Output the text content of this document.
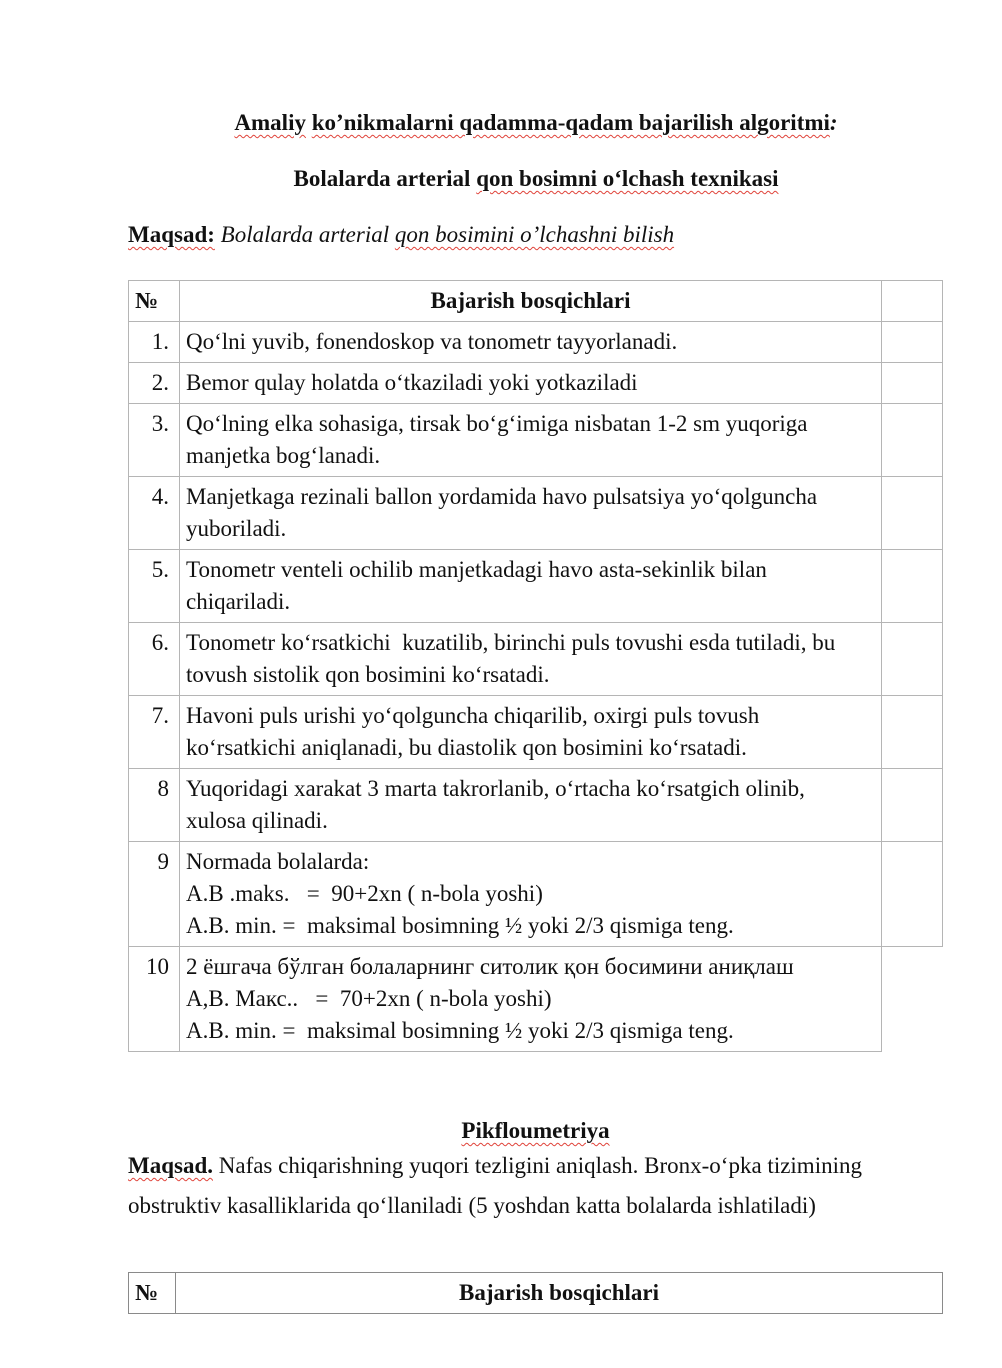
Amaliy ko’nikmalarni qadamma-qadam bajarilish algoritmi:
Bolalarda arterial qon bosimni o‘lchash texnikasi
Maqsad: Bolalarda arterial qon bosimini o’lchashni bilish
№	Bajarish bosqichlari	
1.	Qo‘lni yuvib, fonendoskop va tonometr tayyorlanadi.	

2.	Bemor qulay holatda o‘tkaziladi yoki yotkaziladi	

3.	Qo‘lning elka sohasiga, tirsak bo‘g‘imiga nisbatan 1-2 sm yuqoriga
manjetka bog‘lanadi.	

4.	Manjetkaga rezinali ballon yordamida havo pulsatsiya yo‘qolguncha
yuboriladi.	

5.	Tonometr venteli ochilib manjetkadagi havo asta-sekinlik bilan
chiqariladi.	

6.	Tonometr ko‘rsatkichi  kuzatilib, birinchi puls tovushi esda tutiladi, bu
tovush sistolik qon bosimini ko‘rsatadi.	

7.	Havoni puls urishi yo‘qolguncha chiqarilib, oxirgi puls tovush
ko‘rsatkichi aniqlanadi, bu diastolik qon bosimini ko‘rsatadi.	

8	Yuqoridagi xarakat 3 marta takrorlanib, o‘rtacha ko‘rsatgich olinib,
xulosa qilinadi.	

9	Normada bolalarda:
A.B .maks.   =  90+2xn ( n-bola yoshi)
A.B. min. =  maksimal bosimning ½ yoki 2/3 qismiga teng.	

10	2 ёшгача бўлган болаларнинг ситолик қон босимини аниқлаш
A,B. Макс..   =  70+2xn ( n-bola yoshi)
A.B. min. =  maksimal bosimning ½ yoki 2/3 qismiga teng.	

Pikfloumetriya
Maqsad. Nafas chiqarishning yuqori tezligini aniqlash. Bronx-o‘pka tizimining
obstruktiv kasalliklarida qo‘llaniladi (5 yoshdan katta bolalarda ishlatiladi)
№	Bajarish bosqichlari
